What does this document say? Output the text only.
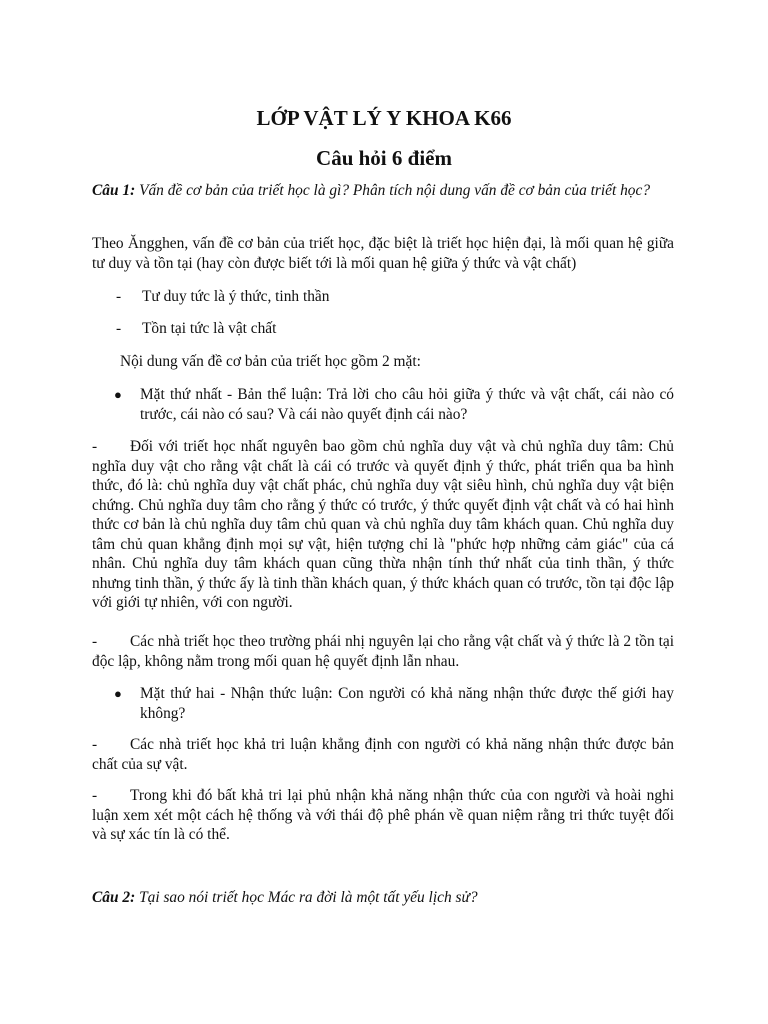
LỚP VẬT LÝ Y KHOA K66
Câu hỏi 6 điểm

Câu 1: Vấn đề cơ bản của triết học là gì? Phân tích nội dung vấn đề cơ bản của triết học?

Theo Ăngghen, vấn đề cơ bản của triết học, đặc biệt là triết học hiện đại, là mối quan hệ giữa tư duy và tồn tại (hay còn được biết tới là mối quan hệ giữa ý thức và vật chất)

- Tư duy tức là ý thức, tinh thần

- Tồn tại tức là vật chất

Nội dung vấn đề cơ bản của triết học gồm 2 mặt:

●	Mặt thứ nhất - Bản thể luận: Trả lời cho câu hỏi giữa ý thức và vật chất, cái nào có trước, cái nào có sau? Và cái nào quyết định cái nào?

- Đối với triết học nhất nguyên bao gồm chủ nghĩa duy vật và chủ nghĩa duy tâm: Chủ nghĩa duy vật cho rằng vật chất là cái có trước và quyết định ý thức, phát triển qua ba hình thức, đó là: chủ nghĩa duy vật chất phác, chủ nghĩa duy vật siêu hình, chủ nghĩa duy vật biện chứng. Chủ nghĩa duy tâm cho rằng ý thức có trước, ý thức quyết định vật chất và có hai hình thức cơ bản là chủ nghĩa duy tâm chủ quan và chủ nghĩa duy tâm khách quan. Chủ nghĩa duy tâm chủ quan khẳng định mọi sự vật, hiện tượng chỉ là "phức hợp những cảm giác" của cá nhân. Chủ nghĩa duy tâm khách quan cũng thừa nhận tính thứ nhất của tinh thần, ý thức nhưng tinh thần, ý thức ấy là tinh thần khách quan, ý thức khách quan có trước, tồn tại độc lập với giới tự nhiên, với con người.

- Các nhà triết học theo trường phái nhị nguyên lại cho rằng vật chất và ý thức là 2 tồn tại độc lập, không nằm trong mối quan hệ quyết định lẫn nhau.

●	Mặt thứ hai - Nhận thức luận: Con người có khả năng nhận thức được thế giới hay không?

- Các nhà triết học khả tri luận khẳng định con người có khả năng nhận thức được bản chất của sự vật.

- Trong khi đó bất khả tri lại phủ nhận khả năng nhận thức của con người và hoài nghi luận xem xét một cách hệ thống và với thái độ phê phán về quan niệm rằng tri thức tuyệt đối và sự xác tín là có thể.

Câu 2: Tại sao nói triết học Mác ra đời là một tất yếu lịch sử?
